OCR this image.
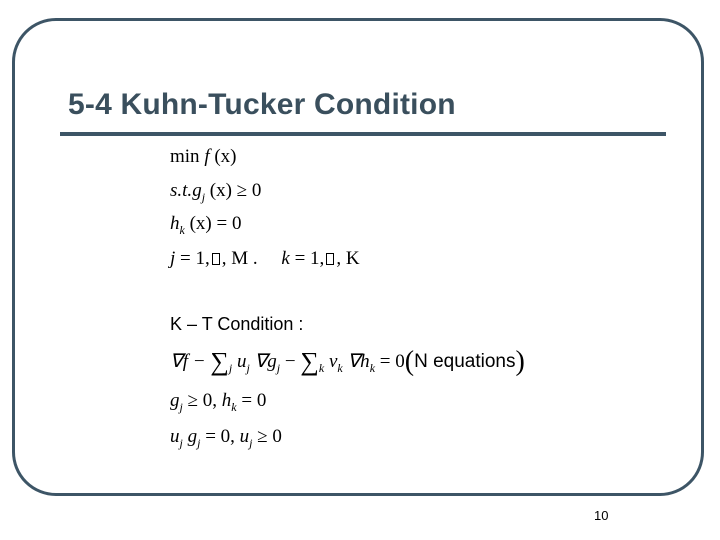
5-4 Kuhn-Tucker Condition
min f (x)
$s.t.g_j$ (x) ≥ 0
$h_k$ (x) = 0
j = 1, , M . k = 1, , K
K – T Condition :
$\nabla f - \sum_j$ $u_j$ $\nabla g_j - \sum_k$ $v_k$ $\nabla h_k = 0(N$ equations)
$g_j \ge 0$, $h_k = 0$
$u_j$ $g_j = 0$, $u_j \ge 0$
10
